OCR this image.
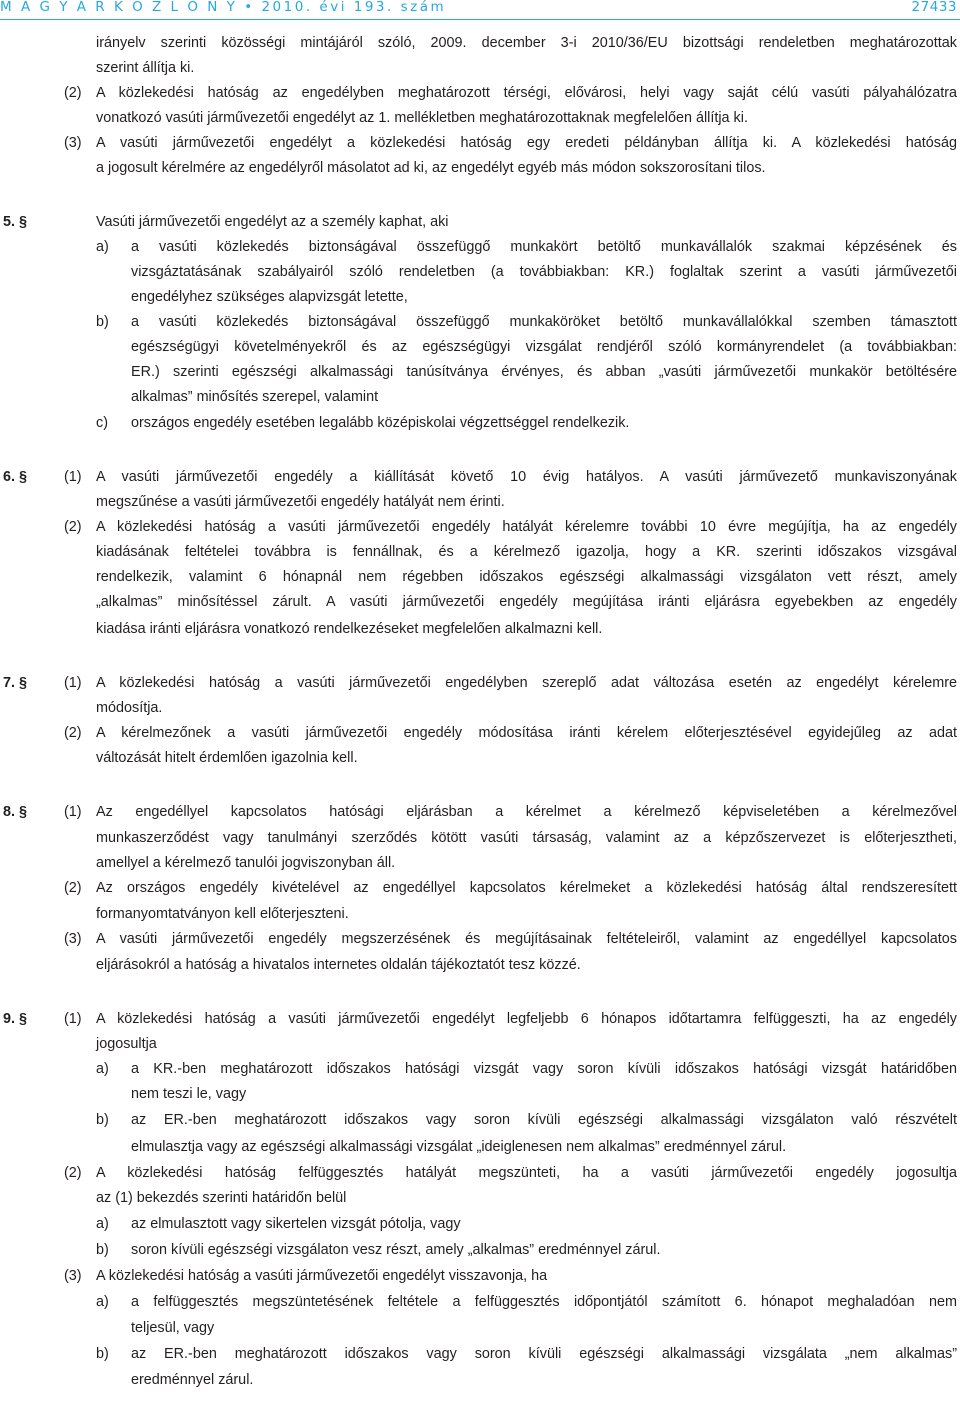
M A G Y A R K Ö Z L Ö N Y • 2010. évi 193. szám	27433
irányelv szerinti közösségi mintájáról szóló, 2009. december 3-i 2010/36/EU bizottsági rendeletben meghatározottak
szerint állítja ki.
(2) A közlekedési hatóság az engedélyben meghatározott térségi, elővárosi, helyi vagy saját célú vasúti pályahálózatra
vonatkozó vasúti járművezetői engedélyt az 1. mellékletben meghatározottaknak megfelelően állítja ki.
(3) A vasúti járművezetői engedélyt a közlekedési hatóság egy eredeti példányban állítja ki. A közlekedési hatóság
a jogosult kérelmére az engedélyről másolatot ad ki, az engedélyt egyéb más módon sokszorosítani tilos.
5. §	Vasúti járművezetői engedélyt az a személy kaphat, aki
a) a vasúti közlekedés biztonságával összefüggő munkakört betöltő munkavállalók szakmai képzésének és
vizsgáztatásának szabályairól szóló rendeletben (a továbbiakban: KR.) foglaltak szerint a vasúti járművezetői
engedélyhez szükséges alapvizsgát letette,
b) a vasúti közlekedés biztonságával összefüggő munkaköröket betöltő munkavállalókkal szemben támasztott
egészségügyi követelményekről és az egészségügyi vizsgálat rendjéről szóló kormányrendelet (a továbbiakban:
ER.) szerinti egészségi alkalmassági tanúsítványa érvényes, és abban „vasúti járművezetői munkakör betöltésére
alkalmas” minősítés szerepel, valamint
c) országos engedély esetében legalább középiskolai végzettséggel rendelkezik.
6. §	(1) A vasúti járművezetői engedély a kiállítását követő 10 évig hatályos. A vasúti járművezető munkaviszonyának
megszűnése a vasúti járművezetői engedély hatályát nem érinti.
(2) A közlekedési hatóság a vasúti járművezetői engedély hatályát kérelemre további 10 évre megújítja, ha az engedély
kiadásának feltételei továbbra is fennállnak, és a kérelmező igazolja, hogy a KR. szerinti időszakos vizsgával
rendelkezik, valamint 6 hónapnál nem régebben időszakos egészségi alkalmassági vizsgálaton vett részt, amely
„alkalmas” minősítéssel zárult. A vasúti járművezetői engedély megújítása iránti eljárásra egyebekben az engedély
kiadása iránti eljárásra vonatkozó rendelkezéseket megfelelően alkalmazni kell.
7. §	(1) A közlekedési hatóság a vasúti járművezetői engedélyben szereplő adat változása esetén az engedélyt kérelemre
módosítja.
(2) A kérelmezőnek a vasúti járművezetői engedély módosítása iránti kérelem előterjesztésével egyidejűleg az adat
változását hitelt érdemlően igazolnia kell.
8. §	(1) Az engedéllyel kapcsolatos hatósági eljárásban a kérelmet a kérelmező képviseletében a kérelmezővel
munkaszerződést vagy tanulmányi szerződés kötött vasúti társaság, valamint az a képzőszervezet is előterjesztheti,
amellyel a kérelmező tanulói jogviszonyban áll.
(2) Az országos engedély kivételével az engedéllyel kapcsolatos kérelmeket a közlekedési hatóság által rendszeresített
formanyomtatványon kell előterjeszteni.
(3) A vasúti járművezetői engedély megszerzésének és megújításainak feltételeiről, valamint az engedéllyel kapcsolatos
eljárásokról a hatóság a hivatalos internetes oldalán tájékoztatót tesz közzé.
9. §	(1) A közlekedési hatóság a vasúti járművezetői engedélyt legfeljebb 6 hónapos időtartamra felfüggeszti, ha az engedély
jogosultja
a) a KR.-ben meghatározott időszakos hatósági vizsgát vagy soron kívüli időszakos hatósági vizsgát határidőben
nem teszi le, vagy
b) az ER.-ben meghatározott időszakos vagy soron kívüli egészségi alkalmassági vizsgálaton való részvételt
elmulasztja vagy az egészségi alkalmassági vizsgálat „ideiglenesen nem alkalmas” eredménnyel zárul.
(2) A közlekedési hatóság felfüggesztés hatályát megszünteti, ha a vasúti járművezetői engedély jogosultja
az (1) bekezdés szerinti határidőn belül
a) az elmulasztott vagy sikertelen vizsgát pótolja, vagy
b) soron kívüli egészségi vizsgálaton vesz részt, amely „alkalmas” eredménnyel zárul.
(3) A közlekedési hatóság a vasúti járművezetői engedélyt visszavonja, ha
a) a felfüggesztés megszüntetésének feltétele a felfüggesztés időpontjától számított 6. hónapot meghaladóan nem
teljesül, vagy
b) az ER.-ben meghatározott időszakos vagy soron kívüli egészségi alkalmassági vizsgálata „nem alkalmas”
eredménnyel zárul.
